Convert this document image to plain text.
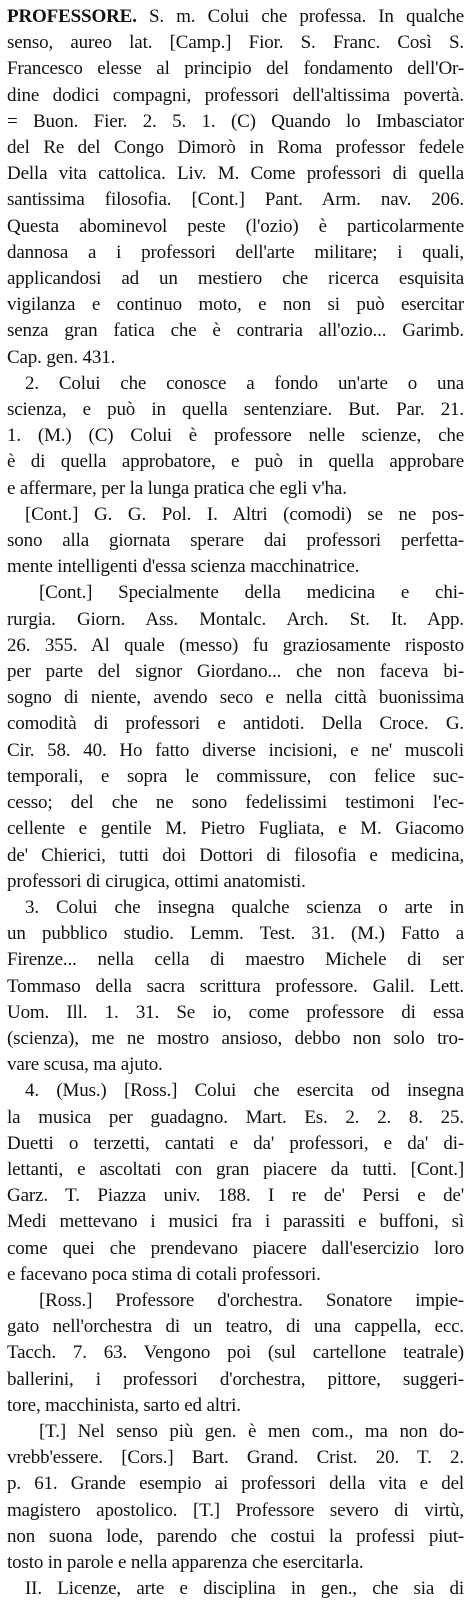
PROFESSORE. S. m. Colui che professa. In qualche
senso, aureo lat. [Camp.] Fior. S. Franc. Così S.
Francesco elesse al principio del fondamento dell'Or-
dine dodici compagni, professori dell'altissima povertà.
= Buon. Fier. 2. 5. 1. (C) Quando lo Imbasciator
del Re del Congo Dimorò in Roma professor fedele
Della vita cattolica. Liv. M. Come professori di quella
santissima filosofia. [Cont.] Pant. Arm. nav. 206.
Questa abominevol peste (l'ozio) è particolarmente
dannosa a i professori dell'arte militare; i quali,
applicandosi ad un mestiero che ricerca esquisita
vigilanza e continuo moto, e non si può esercitar
senza gran fatica che è contraria all'ozio... Garimb.
Cap. gen. 431.
2. Colui che conosce a fondo un'arte o una
scienza, e può in quella sentenziare. But. Par. 21.
1. (M.) (C) Colui è professore nelle scienze, che
è di quella approbatore, e può in quella approbare
e affermare, per la lunga pratica che egli v'ha.
[Cont.] G. G. Pol. I. Altri (comodi) se ne pos-
sono alla giornata sperare dai professori perfetta-
mente intelligenti d'essa scienza macchinatrice.
[Cont.] Specialmente della medicina e chi-
rurgia. Giorn. Ass. Montalc. Arch. St. It. App.
26. 355. Al quale (messo) fu graziosamente risposto
per parte del signor Giordano... che non faceva bi-
sogno di niente, avendo seco e nella città buonissima
comodità di professori e antidoti. Della Croce. G.
Cir. 58. 40. Ho fatto diverse incisioni, e ne' muscoli
temporali, e sopra le commissure, con felice suc-
cesso; del che ne sono fedelissimi testimoni l'ec-
cellente e gentile M. Pietro Fugliata, e M. Giacomo
de' Chierici, tutti doi Dottori di filosofia e medicina,
professori di cirugica, ottimi anatomisti.
3. Colui che insegna qualche scienza o arte in
un pubblico studio. Lemm. Test. 31. (M.) Fatto a
Firenze... nella cella di maestro Michele di ser
Tommaso della sacra scrittura professore. Galil. Lett.
Uom. Ill. 1. 31. Se io, come professore di essa
(scienza), me ne mostro ansioso, debbo non solo tro-
vare scusa, ma ajuto.
4. (Mus.) [Ross.] Colui che esercita od insegna
la musica per guadagno. Mart. Es. 2. 2. 8. 25.
Duetti o terzetti, cantati e da' professori, e da' di-
lettanti, e ascoltati con gran piacere da tutti. [Cont.]
Garz. T. Piazza univ. 188. I re de' Persi e de'
Medi mettevano i musici fra i parassiti e buffoni, sì
come quei che prendevano piacere dall'esercizio loro
e facevano poca stima di cotali professori.
[Ross.] Professore d'orchestra. Sonatore impie-
gato nell'orchestra di un teatro, di una cappella, ecc.
Tacch. 7. 63. Vengono poi (sul cartellone teatrale)
ballerini, i professori d'orchestra, pittore, suggeri-
tore, macchinista, sarto ed altri.
[T.] Nel senso più gen. è men com., ma non do-
vrebb'essere. [Cors.] Bart. Grand. Crist. 20. T. 2.
p. 61. Grande esempio ai professori della vita e del
magistero apostolico. [T.] Professore severo di virtù,
non suona lode, parendo che costui la professi piut-
tosto in parole e nella apparenza che esercitarla.
II. Licenze, arte e disciplina in gen., che sia di
